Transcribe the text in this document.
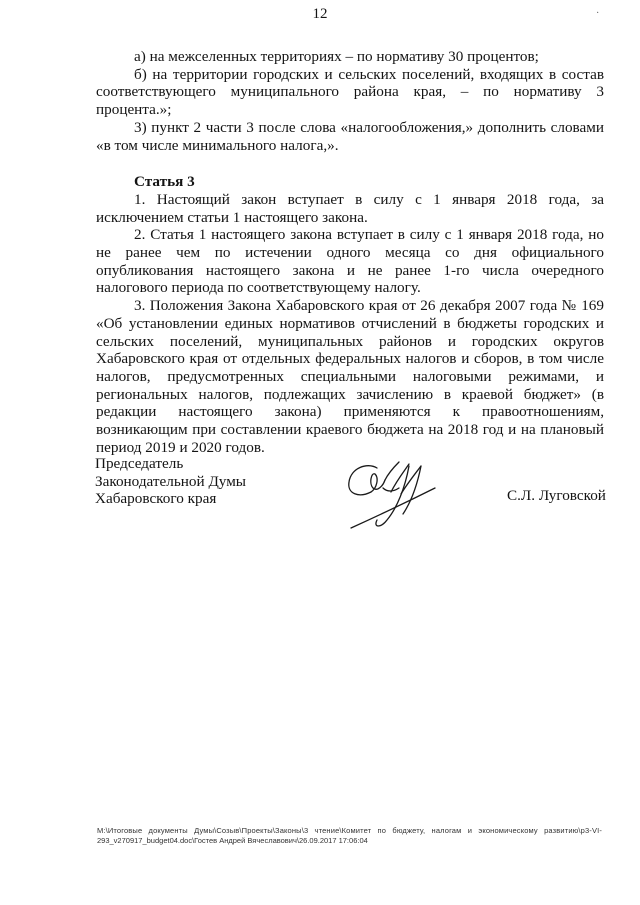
12	·

а) на межселенных территориях – по нормативу 30 процентов;

б) на территории городских и сельских поселений, входящих в состав соответствующего муниципального района края, – по нормативу 3 процента.»;

3) пункт 2 части 3 после слова «налогообложения,» дополнить словами «в том числе минимального налога,».

Статья 3

1. Настоящий закон вступает в силу с 1 января 2018 года, за исключением статьи 1 настоящего закона.

2. Статья 1 настоящего закона вступает в силу с 1 января 2018 года, но не ранее чем по истечении одного месяца со дня официального опубликования настоящего закона и не ранее 1-го числа очередного налогового периода по соответствующему налогу.

3. Положения Закона Хабаровского края от 26 декабря 2007 года № 169 «Об установлении единых нормативов отчислений в бюджеты городских и сельских поселений, муниципальных районов и городских округов Хабаровского края от отдельных федеральных налогов и сборов, в том числе налогов, предусмотренных специальными налоговыми режимами, и региональных налогов, подлежащих зачислению в краевой бюджет» (в редакции настоящего закона) применяются к правоотношениям, возникающим при составлении краевого бюджета на 2018 год и на плановый период 2019 и 2020 годов.

Председатель
Законодательной Думы
Хабаровского края	С.Л. Луговской
M:\Итоговые документы Думы\Созыв\Проекты\Законы\3 чтение\Комитет по бюджету, налогам и экономическому развитию\р3-VI-
293_v270917_budget04.doc\Гостев Андрей Вячеславович\26.09.2017 17:06:04
